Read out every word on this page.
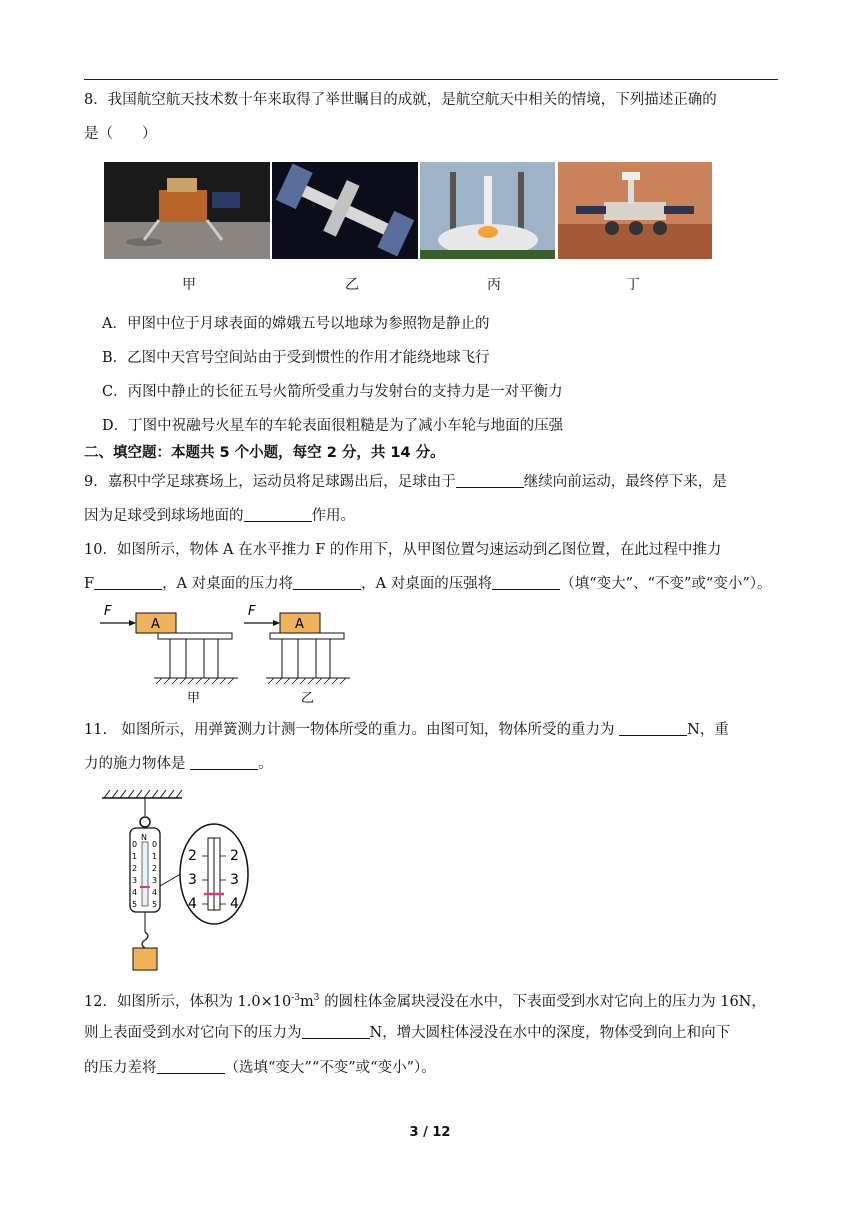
8．我国航空航天技术数十年来取得了举世瞩目的成就，是航空航天中相关的情境，下列描述正确的
是（　　）
甲	乙	丙	丁
A．甲图中位于月球表面的嫦娥五号以地球为参照物是静止的
B．乙图中天宫号空间站由于受到惯性的作用才能绕地球飞行
C．丙图中静止的长征五号火箭所受重力与发射台的支持力是一对平衡力
D．丁图中祝融号火星车的车轮表面很粗糙是为了减小车轮与地面的压强
二、填空题：本题共 5 个小题，每空 2 分，共 14 分。
9．嘉积中学足球赛场上，运动员将足球踢出后，足球由于	继续向前运动，最终停下来，是
因为足球受到球场地面的	作用。
10．如图所示，物体 A 在水平推力 F 的作用下，从甲图位置匀速运动到乙图位置，在此过程中推力
F	，A 对桌面的压力将	，A 对桌面的压强将	（填“变大”、“不变”或“变小”）。
F
A
甲
F
A
乙
11.　如图所示，用弹簧测力计测一物体所受的重力。由图可知，物体所受的重力为	N，重
力的施力物体是	。
N
0
1
2
3
4
5
0
1
2
3
4
5
2
3
4
2
3
4
12．如图所示，体积为 $1.0\times 10^{-3}m^3$ 的圆柱体金属块浸没在水中，下表面受到水对它向上的压力为 16N，
则上表面受到水对它向下的压力为	N，增大圆柱体浸没在水中的深度，物体受到向上和向下
的压力差将	（选填“变大”“不变”或“变小”）。
3 / 12
